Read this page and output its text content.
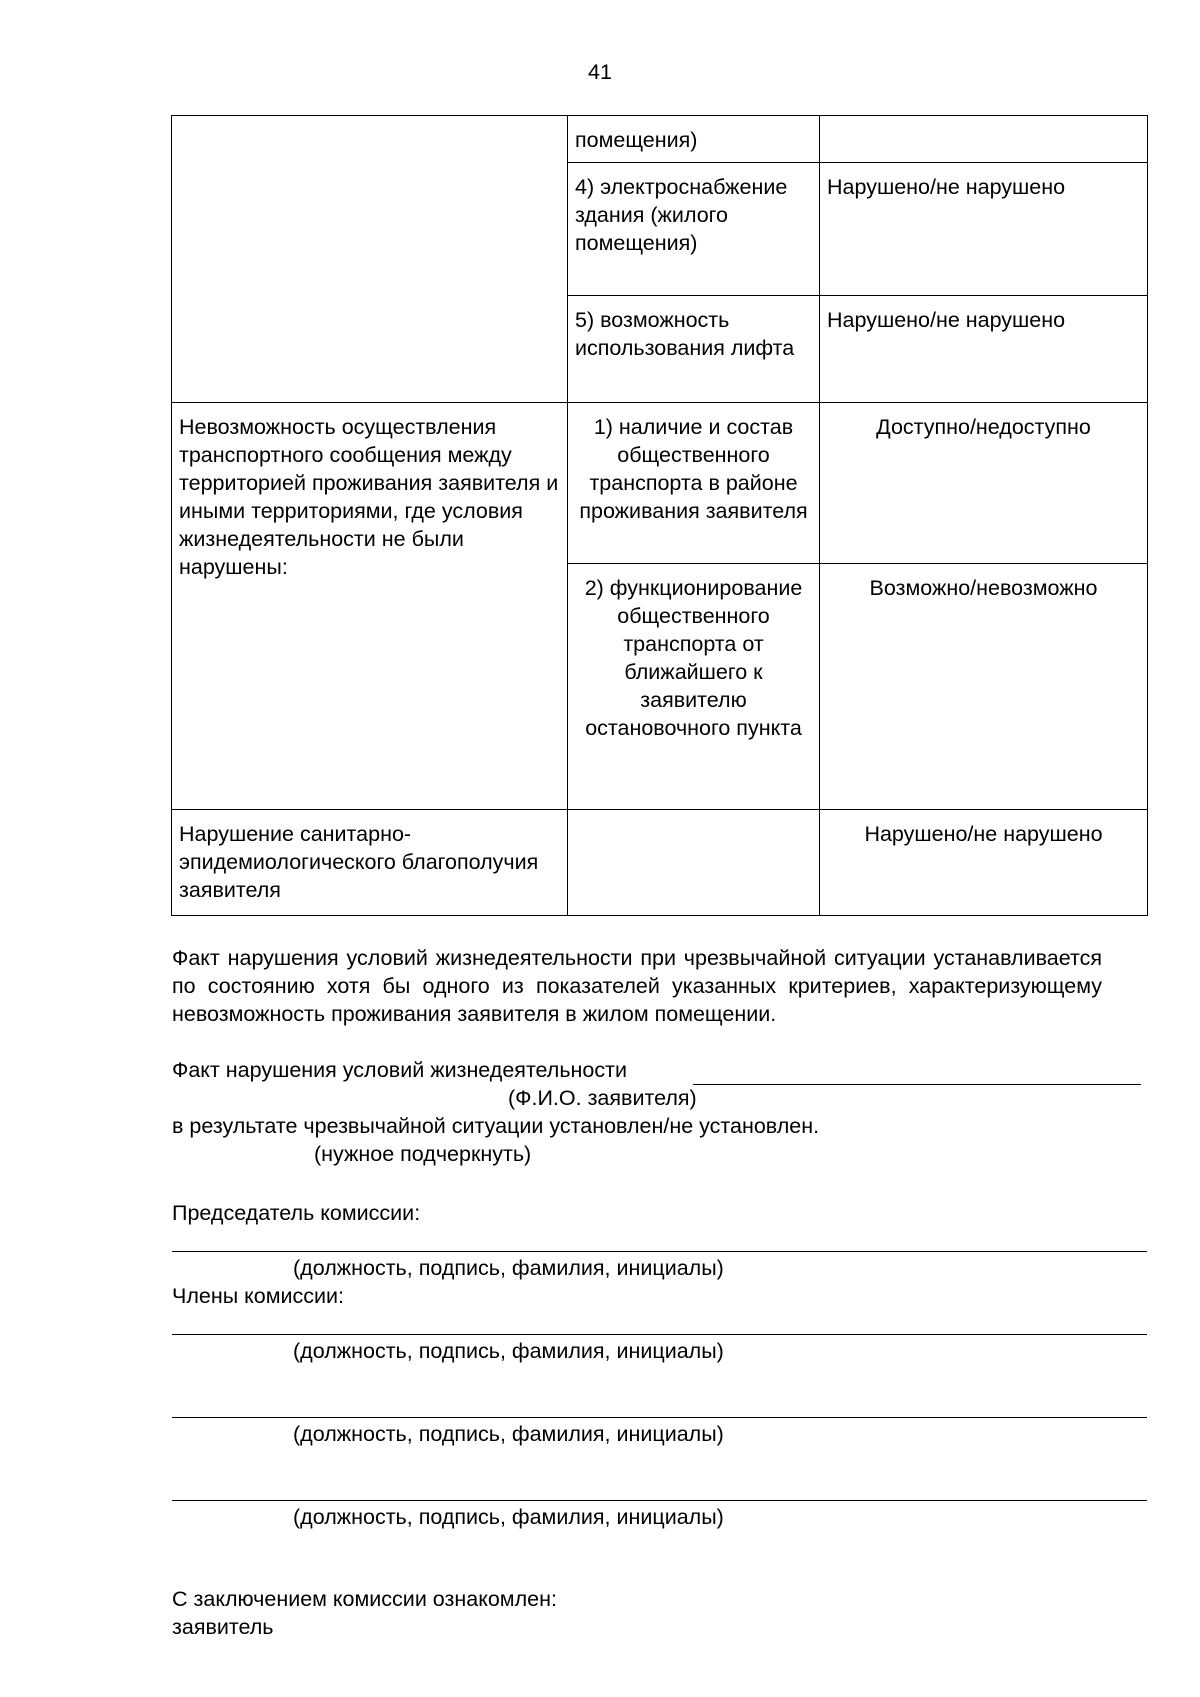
41
	помещения)	
	4) электроснабжение здания (жилого помещения)	Нарушено/не нарушено
	5) возможность использования лифта	Нарушено/не нарушено
Невозможность осуществления транспортного сообщения между территорией проживания заявителя и иными территориями, где условия жизнедеятельности не были нарушены:	1) наличие и состав общественного транспорта в районе проживания заявителя	Доступно/недоступно
	2) функционирование общественного транспорта от ближайшего к заявителю остановочного пункта	Возможно/невозможно
Нарушение санитарно-эпидемиологического благополучия заявителя		Нарушено/не нарушено
Факт нарушения условий жизнедеятельности при чрезвычайной ситуации устанавливается по состоянию хотя бы одного из показателей указанных критериев, характеризующему невозможность проживания заявителя в жилом помещении.
Факт нарушения условий жизнедеятельности
(Ф.И.О. заявителя)
в результате чрезвычайной ситуации установлен/не установлен.
(нужное подчеркнуть)
Председатель комиссии:
(должность, подпись, фамилия, инициалы)
Члены комиссии:
(должность, подпись, фамилия, инициалы)
(должность, подпись, фамилия, инициалы)
(должность, подпись, фамилия, инициалы)
С заключением комиссии ознакомлен:
заявитель
